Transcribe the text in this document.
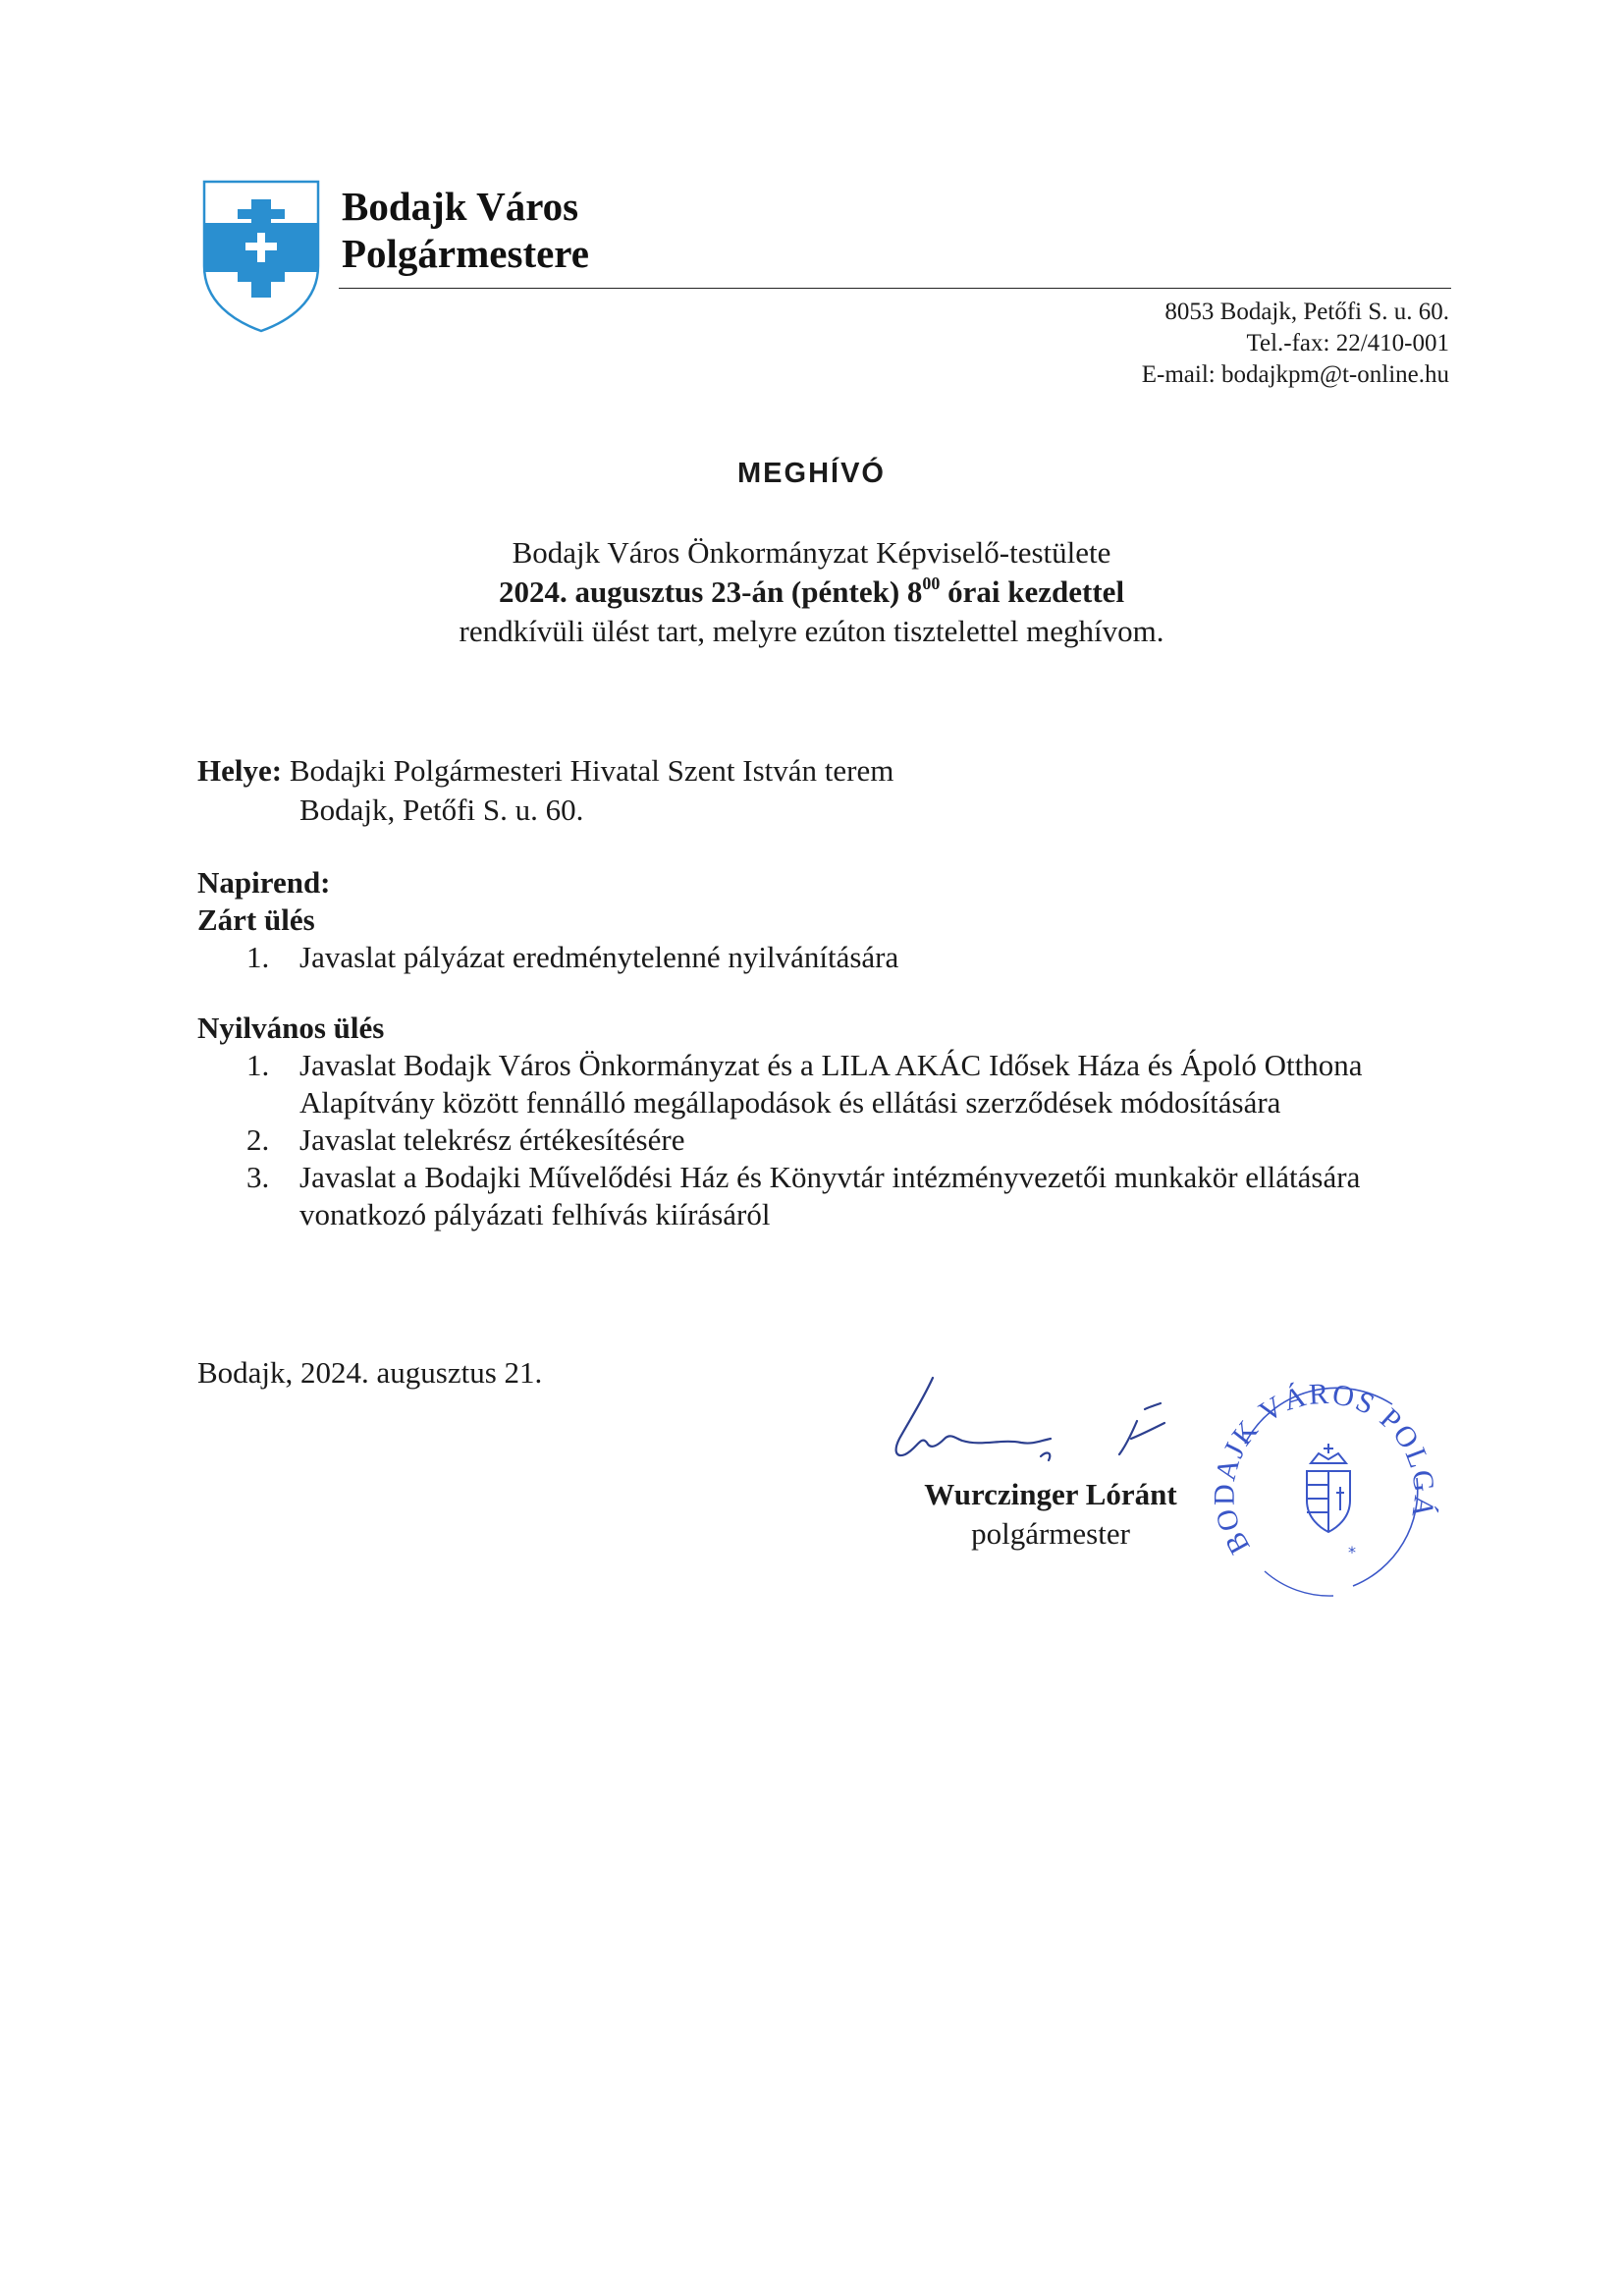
Bodajk Város
Polgármestere
8053 Bodajk, Petőfi S. u. 60.
Tel.-fax: 22/410-001
E-mail: bodajkpm@t-online.hu
MEGHÍVÓ
Bodajk Város Önkormányzat Képviselő-testülete
2024. augusztus 23-án (péntek) $8^{00}$ órai kezdettel
rendkívüli ülést tart, melyre ezúton tisztelettel meghívom.
Helye: Bodajki Polgármesteri Hivatal Szent István terem
Bodajk, Petőfi S. u. 60.
Napirend:
Zárt ülés
1. Javaslat pályázat eredménytelenné nyilvánítására
Nyilvános ülés
1. Javaslat Bodajk Város Önkormányzat és a LILA AKÁC Idősek Háza és Ápoló Otthona Alapítvány között fennálló megállapodások és ellátási szerződések módosítására
2. Javaslat telekrész értékesítésére
3. Javaslat a Bodajki Művelődési Ház és Könyvtár intézményvezetői munkakör ellátására vonatkozó pályázati felhívás kiírásáról
Bodajk, 2024. augusztus 21.
Wurczinger Lóránt
polgármester	BODAJK VÁROS POLGÁ
*
